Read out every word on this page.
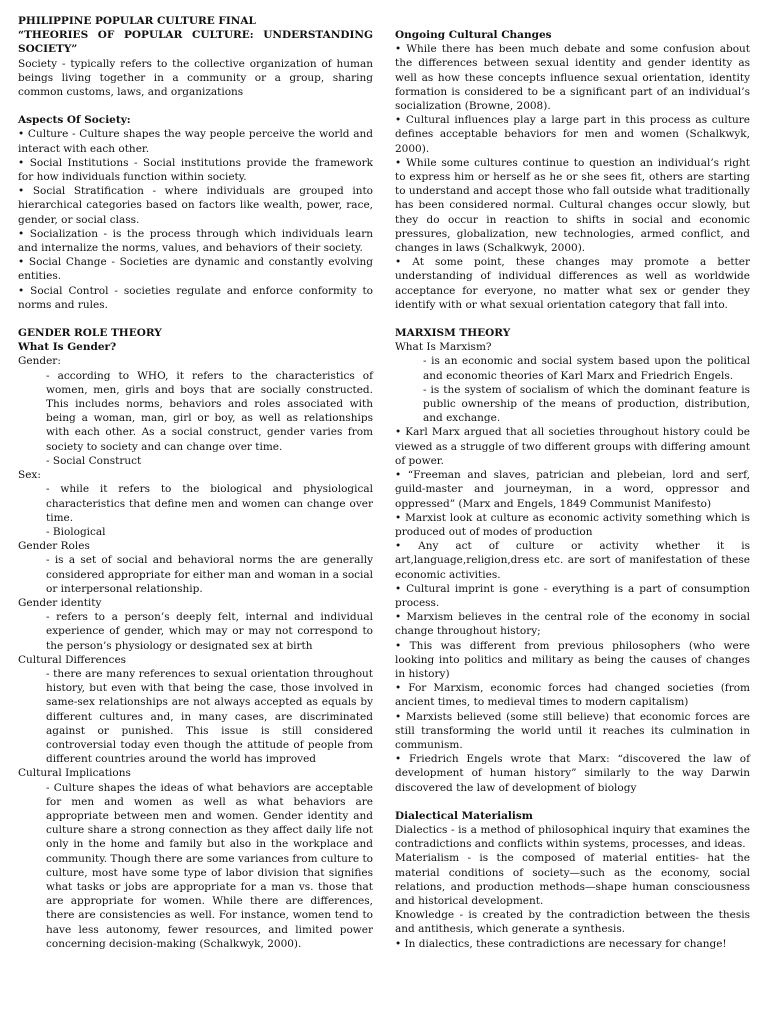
PHILIPPINE POPULAR CULTURE FINAL

“THEORIES OF POPULAR CULTURE: UNDERSTANDING SOCIETY”

Society - typically refers to the collective organization of human beings living together in a community or a group, sharing common customs, laws, and organizations

Aspects Of Society:

• Culture - Culture shapes the way people perceive the world and interact with each other.

• Social Institutions - Social institutions provide the framework for how individuals function within society.

• Social Stratification - where individuals are grouped into hierarchical categories based on factors like wealth, power, race, gender, or social class.

• Socialization - is the process through which individuals learn and internalize the norms, values, and behaviors of their society.

• Social Change - Societies are dynamic and constantly evolving entities.

• Social Control - societies regulate and enforce conformity to norms and rules.

GENDER ROLE THEORY

What Is Gender?

Gender:

- according to WHO, it refers to the characteristics of women, men, girls and boys that are socially constructed. This includes norms, behaviors and roles associated with being a woman, man, girl or boy, as well as relationships with each other. As a social construct, gender varies from society to society and can change over time.

- Social Construct

Sex:

- while it refers to the biological and physiological characteristics that define men and women can change over time.

- Biological

Gender Roles

- is a set of social and behavioral norms the are generally considered appropriate for either man and woman in a social or interpersonal relationship.

Gender identity

- refers to a person’s deeply felt, internal and individual experience of gender, which may or may not correspond to the person’s physiology or designated sex at birth

Cultural Differences

- there are many references to sexual orientation throughout history, but even with that being the case, those involved in same-sex relationships are not always accepted as equals by different cultures and, in many cases, are discriminated against or punished. This issue is still considered controversial today even though the attitude of people from different countries around the world has improved

Cultural Implications

- Culture shapes the ideas of what behaviors are acceptable for men and women as well as what behaviors are appropriate between men and women. Gender identity and culture share a strong connection as they affect daily life not only in the home and family but also in the workplace and community. Though there are some variances from culture to culture, most have some type of labor division that signifies what tasks or jobs are appropriate for a man vs. those that are appropriate for women. While there are differences, there are consistencies as well. For instance, women tend to have less autonomy, fewer resources, and limited power concerning decision-making (Schalkwyk, 2000).

Ongoing Cultural Changes

• While there has been much debate and some confusion about the differences between sexual identity and gender identity as well as how these concepts influence sexual orientation, identity formation is considered to be a significant part of an individual’s socialization (Browne, 2008).

• Cultural influences play a large part in this process as culture defines acceptable behaviors for men and women (Schalkwyk, 2000).

• While some cultures continue to question an individual’s right to express him or herself as he or she sees fit, others are starting to understand and accept those who fall outside what traditionally has been considered normal. Cultural changes occur slowly, but they do occur in reaction to shifts in social and economic pressures, globalization, new technologies, armed conflict, and changes in laws (Schalkwyk, 2000).

• At some point, these changes may promote a better understanding of individual differences as well as worldwide acceptance for everyone, no matter what sex or gender they identify with or what sexual orientation category that fall into.

MARXISM THEORY

What Is Marxism?

- is an economic and social system based upon the political and economic theories of Karl Marx and Friedrich Engels.

- is the system of socialism of which the dominant feature is public ownership of the means of production, distribution, and exchange.

• Karl Marx argued that all societies throughout history could be viewed as a struggle of two different groups with differing amount of power.

• “Freeman and slaves, patrician and plebeian, lord and serf, guild-master and journeyman, in a word, oppressor and oppressed” (Marx and Engels, 1849 Communist Manifesto)

• Marxist look at culture as economic activity something which is produced out of modes of production

• Any act of culture or activity whether it is art,language,religion,dress etc. are sort of manifestation of these economic activities.

• Cultural imprint is gone - everything is a part of consumption process.

• Marxism believes in the central role of the economy in social change throughout history;

• This was different from previous philosophers (who were looking into politics and military as being the causes of changes in history)

• For Marxism, economic forces had changed societies (from ancient times, to medieval times to modern capitalism)

• Marxists believed (some still believe) that economic forces are still transforming the world until it reaches its culmination in communism.

• Friedrich Engels wrote that Marx: “discovered the law of development of human history” similarly to the way Darwin discovered the law of development of biology

Dialectical Materialism

Dialectics - is a method of philosophical inquiry that examines the contradictions and conflicts within systems, processes, and ideas.

Materialism - is the composed of material entities- hat the material conditions of society—such as the economy, social relations, and production methods—shape human consciousness and historical development.

Knowledge - is created by the contradiction between the thesis and antithesis, which generate a synthesis.

• In dialectics, these contradictions are necessary for change!
